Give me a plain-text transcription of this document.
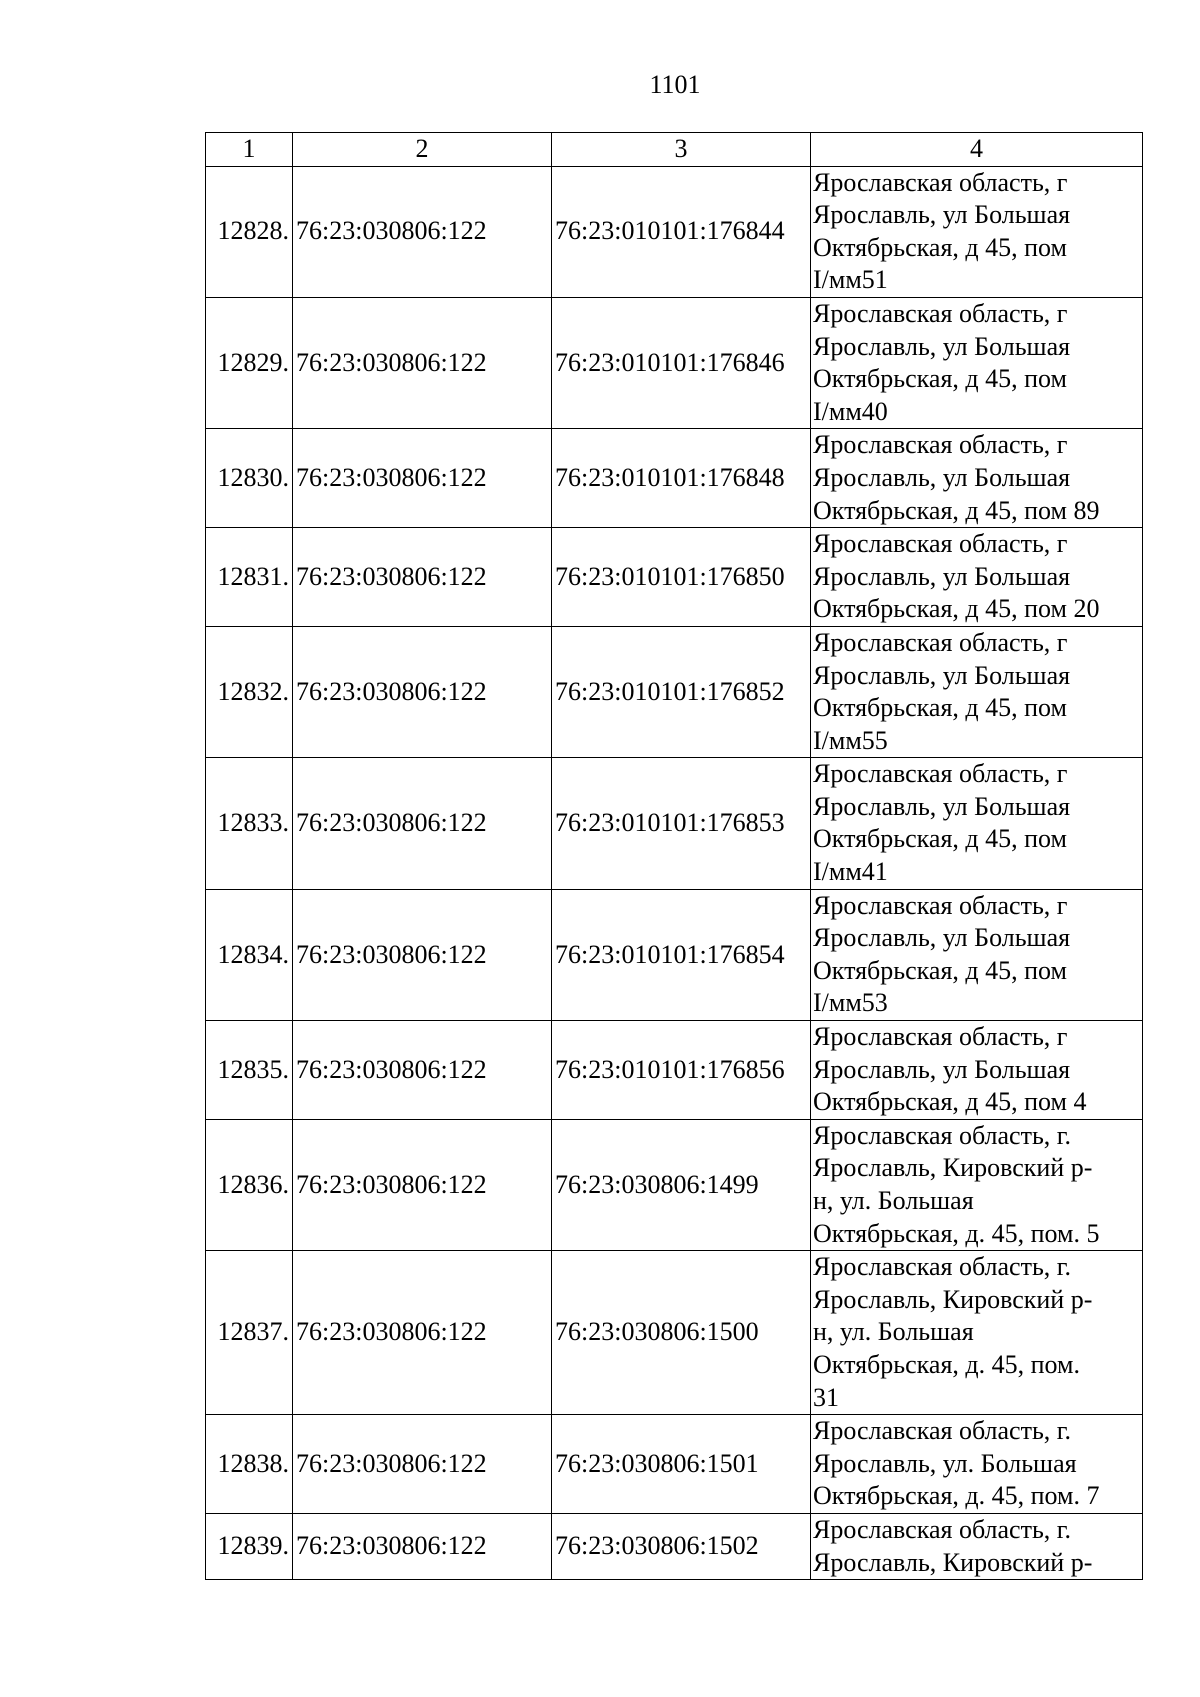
1101
1	2	3	4
12828.	76:23:030806:122	76:23:010101:176844	Ярославская область, г
Ярославль, ул Большая
Октябрьская, д 45, пом
I/мм51

12829.	76:23:030806:122	76:23:010101:176846	Ярославская область, г
Ярославль, ул Большая
Октябрьская, д 45, пом
I/мм40

12830.	76:23:030806:122	76:23:010101:176848	Ярославская область, г
Ярославль, ул Большая
Октябрьская, д 45, пом 89

12831.	76:23:030806:122	76:23:010101:176850	Ярославская область, г
Ярославль, ул Большая
Октябрьская, д 45, пом 20

12832.	76:23:030806:122	76:23:010101:176852	Ярославская область, г
Ярославль, ул Большая
Октябрьская, д 45, пом
I/мм55

12833.	76:23:030806:122	76:23:010101:176853	Ярославская область, г
Ярославль, ул Большая
Октябрьская, д 45, пом
I/мм41

12834.	76:23:030806:122	76:23:010101:176854	Ярославская область, г
Ярославль, ул Большая
Октябрьская, д 45, пом
I/мм53

12835.	76:23:030806:122	76:23:010101:176856	Ярославская область, г
Ярославль, ул Большая
Октябрьская, д 45, пом 4

12836.	76:23:030806:122	76:23:030806:1499	Ярославская область, г.
Ярославль, Кировский р-
н, ул. Большая
Октябрьская, д. 45, пом. 5

12837.	76:23:030806:122	76:23:030806:1500	Ярославская область, г.
Ярославль, Кировский р-
н, ул. Большая
Октябрьская, д. 45, пом.
31

12838.	76:23:030806:122	76:23:030806:1501	Ярославская область, г.
Ярославль, ул. Большая
Октябрьская, д. 45, пом. 7

12839.	76:23:030806:122	76:23:030806:1502	Ярославская область, г.
Ярославль, Кировский р-
